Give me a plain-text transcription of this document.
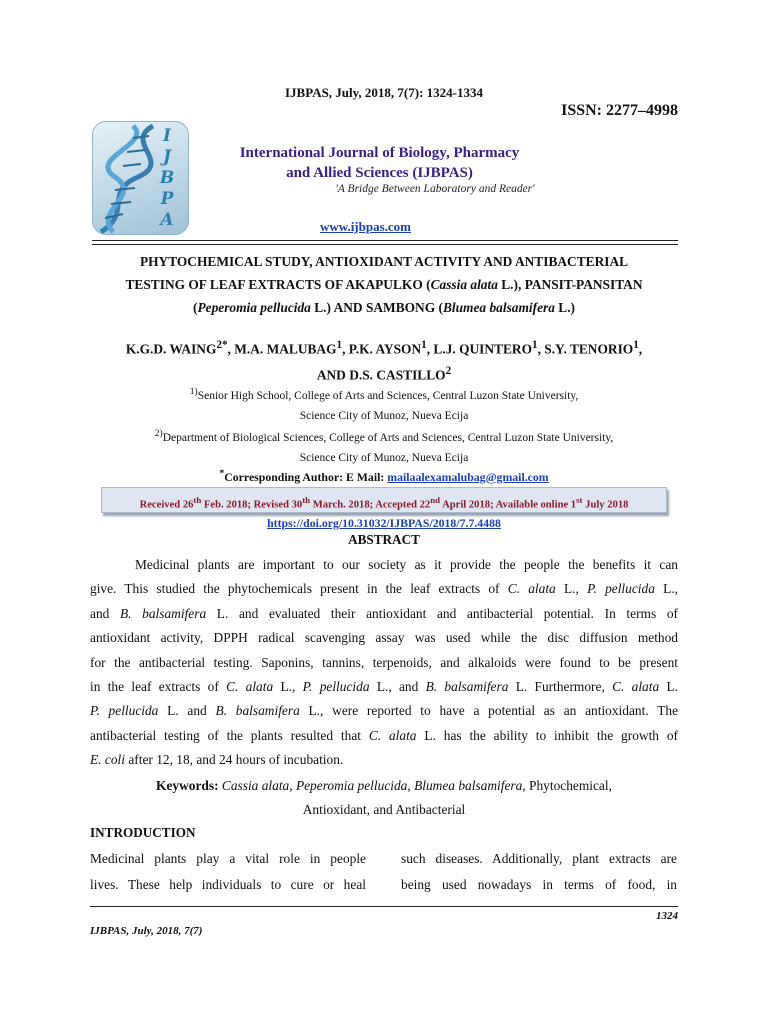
IJBPAS, July, 2018, 7(7): 1324-1334
ISSN: 2277–4998
I
J
B
P
A
International Journal of Biology, Pharmacy
and Allied Sciences (IJBPAS)
'A Bridge Between Laboratory and Reader'
www.ijbpas.com
PHYTOCHEMICAL STUDY, ANTIOXIDANT ACTIVITY AND ANTIBACTERIAL
TESTING OF LEAF EXTRACTS OF AKAPULKO (Cassia alata L.), PANSIT-PANSITAN
(Peperomia pellucida L.) AND SAMBONG (Blumea balsamifera L.)
K.G.D. $WAING^{2*}$, M.A. MALUBAG$^1$, P.K. AYSON$^1$, L.J. QUINTERO$^1$, S.Y. TENORIO$^1$,
AND D.S. CASTILLO$^2$
$^{1)}$Senior High School, College of Arts and Sciences, Central Luzon State University,
Science City of Munoz, Nueva Ecija
$^{2)}$Department of Biological Sciences, College of Arts and Sciences, Central Luzon State University,
Science City of Munoz, Nueva Ecija
*Corresponding Author: E Mail: mailaalexamalubag@gmail.com
Received 26th Feb. 2018; Revised 30th March. 2018; Accepted 22nd April 2018; Available online 1st July 2018
https://doi.org/10.31032/IJBPAS/2018/7.7.4488
ABSTRACT
Medicinal plants are important to our society as it provide the people the benefits it can
give. This studied the phytochemicals present in the leaf extracts of C. alata L., P. pellucida L.,
and B. balsamifera L. and evaluated their antioxidant and antibacterial potential. In terms of
antioxidant activity, DPPH radical scavenging assay was used while the disc diffusion method
for the antibacterial testing. Saponins, tannins, terpenoids, and alkaloids were found to be present
in the leaf extracts of C. alata L., P. pellucida L., and B. balsamifera L. Furthermore, C. alata L.
P. pellucida L. and B. balsamifera L., were reported to have a potential as an antioxidant. The
antibacterial testing of the plants resulted that C. alata L. has the ability to inhibit the growth of
E. coli after 12, 18, and 24 hours of incubation.
Keywords: Cassia alata, Peperomia pellucida, Blumea balsamifera, Phytochemical,
Antioxidant, and Antibacterial
INTRODUCTION
Medicinal plants play a vital role in people
lives. These help individuals to cure or heal
such diseases. Additionally, plant extracts are
being used nowadays in terms of food, in
1324
IJBPAS, July, 2018, 7(7)
